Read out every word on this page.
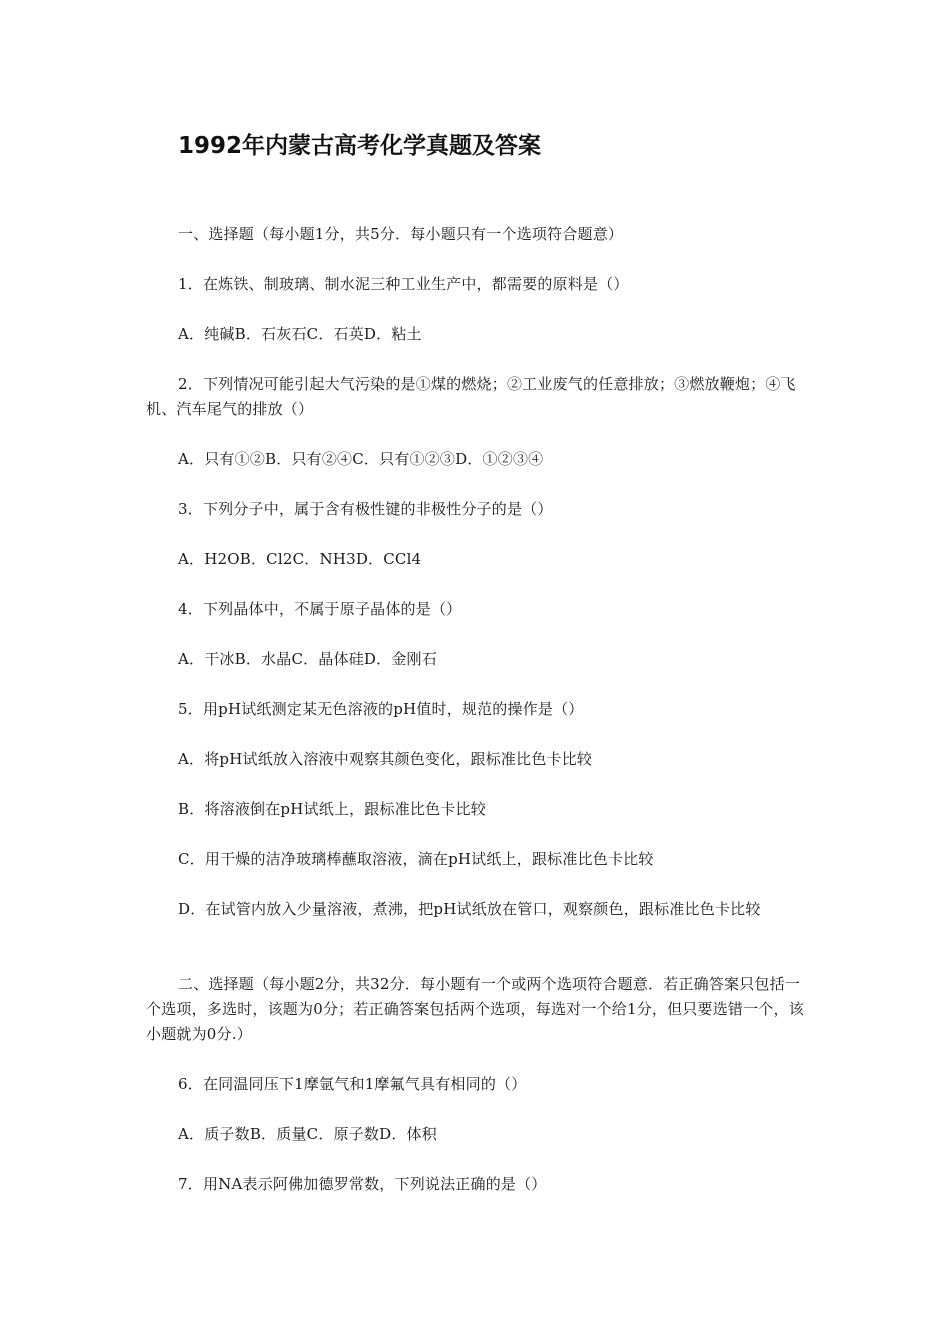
1992年内蒙古高考化学真题及答案
一、选择题（每小题1分，共5分．每小题只有一个选项符合题意）
1．在炼铁、制玻璃、制水泥三种工业生产中，都需要的原料是（）
A．纯碱B．石灰石C．石英D．粘土
2．下列情况可能引起大气污染的是①煤的燃烧；②工业废气的任意排放；③燃放鞭炮；④飞机、汽车尾气的排放（）
A．只有①②B．只有②④C．只有①②③D．①②③④
3．下列分子中，属于含有极性键的非极性分子的是（）
A．H2OB．Cl2C．NH3D．CCl4
4．下列晶体中，不属于原子晶体的是（）
A．干冰B．水晶C．晶体硅D．金刚石
5．用pH试纸测定某无色溶液的pH值时，规范的操作是（）
A．将pH试纸放入溶液中观察其颜色变化，跟标准比色卡比较
B．将溶液倒在pH试纸上，跟标准比色卡比较
C．用干燥的洁净玻璃棒蘸取溶液，滴在pH试纸上，跟标准比色卡比较
D．在试管内放入少量溶液，煮沸，把pH试纸放在管口，观察颜色，跟标准比色卡比较
二、选择题（每小题2分，共32分．每小题有一个或两个选项符合题意．若正确答案只包括一个选项，多选时，该题为0分；若正确答案包括两个选项，每选对一个给1分，但只要选错一个，该小题就为0分.）
6．在同温同压下1摩氩气和1摩氟气具有相同的（）
A．质子数B．质量C．原子数D．体积
7．用NA表示阿佛加德罗常数，下列说法正确的是（）
